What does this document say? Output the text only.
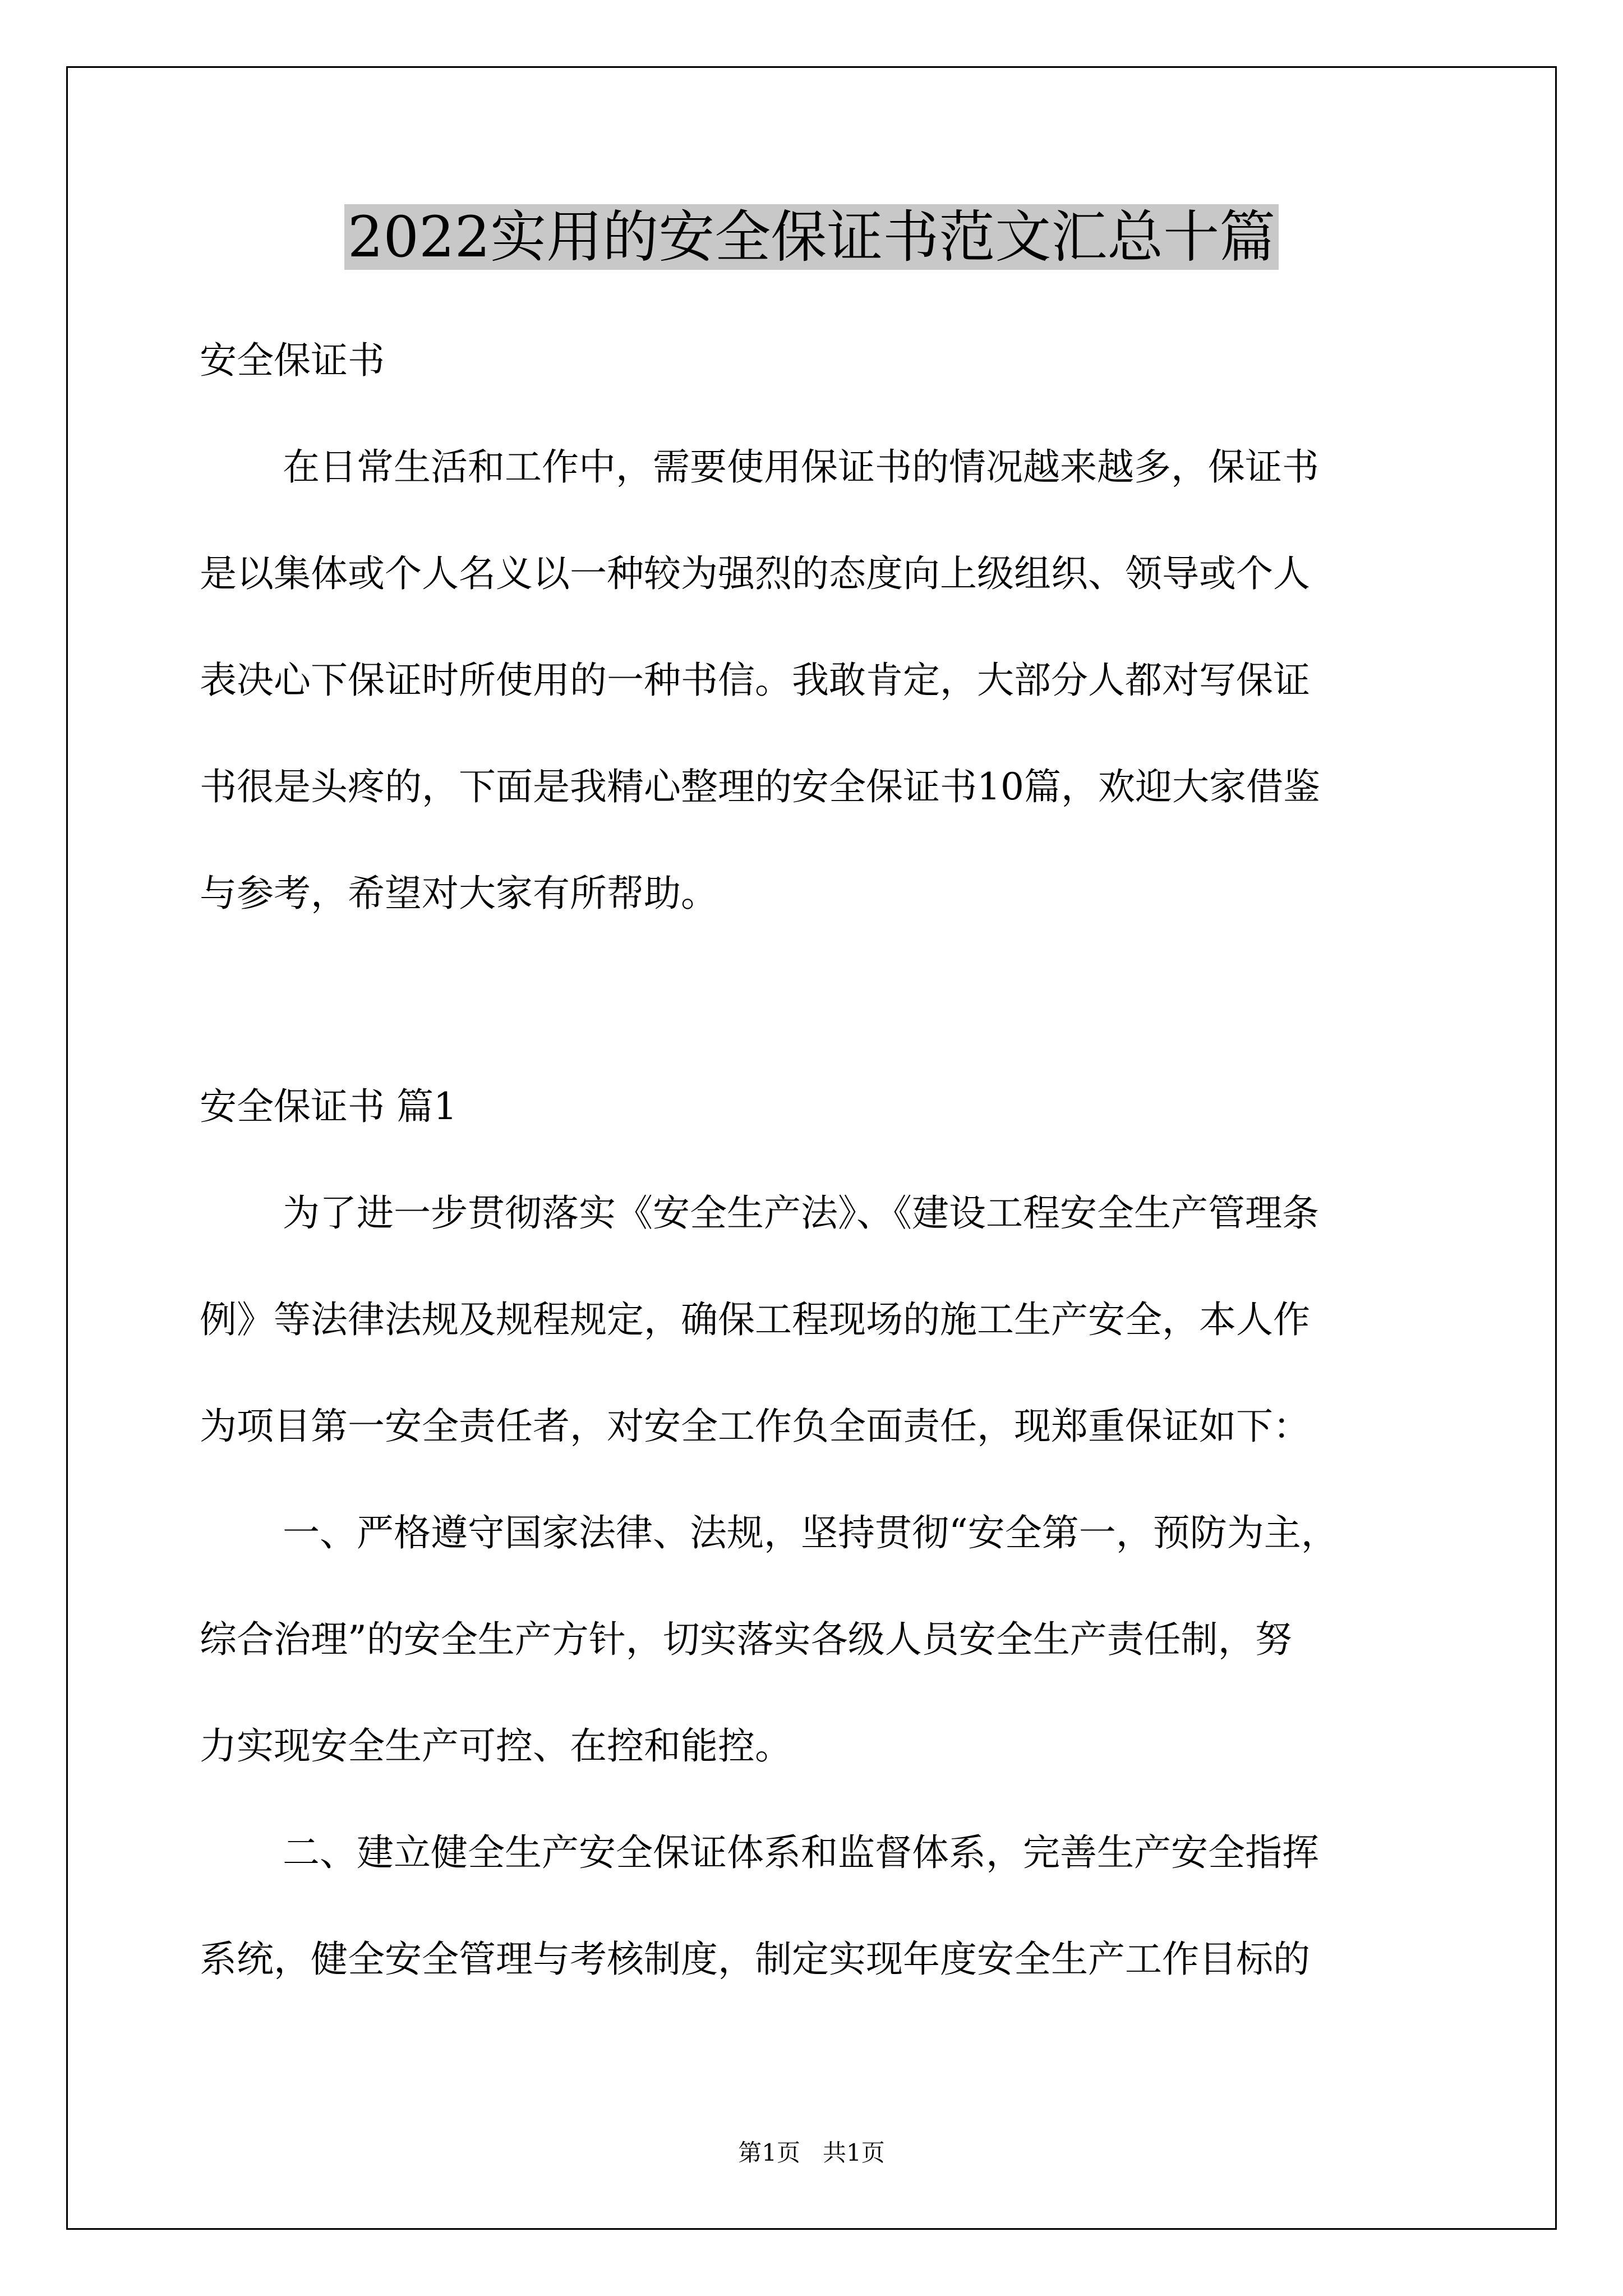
2022实用的安全保证书范文汇总十篇

安全保证书

在日常生活和工作中，需要使用保证书的情况越来越多，保证书

是以集体或个人名义以一种较为强烈的态度向上级组织、领导或个人

表决心下保证时所使用的一种书信。我敢肯定，大部分人都对写保证

书很是头疼的，下面是我精心整理的安全保证书10篇，欢迎大家借鉴

与参考，希望对大家有所帮助。

安全保证书 篇1

为了进一步贯彻落实《安全生产法》、《建设工程安全生产管理条

例》等法律法规及规程规定，确保工程现场的施工生产安全，本人作

为项目第一安全责任者，对安全工作负全面责任，现郑重保证如下：

一、严格遵守国家法律、法规，坚持贯彻“安全第一，预防为主，

综合治理”的安全生产方针，切实落实各级人员安全生产责任制，努

力实现安全生产可控、在控和能控。

二、建立健全生产安全保证体系和监督体系，完善生产安全指挥

系统，健全安全管理与考核制度，制定实现年度安全生产工作目标的

第1页   共1页
